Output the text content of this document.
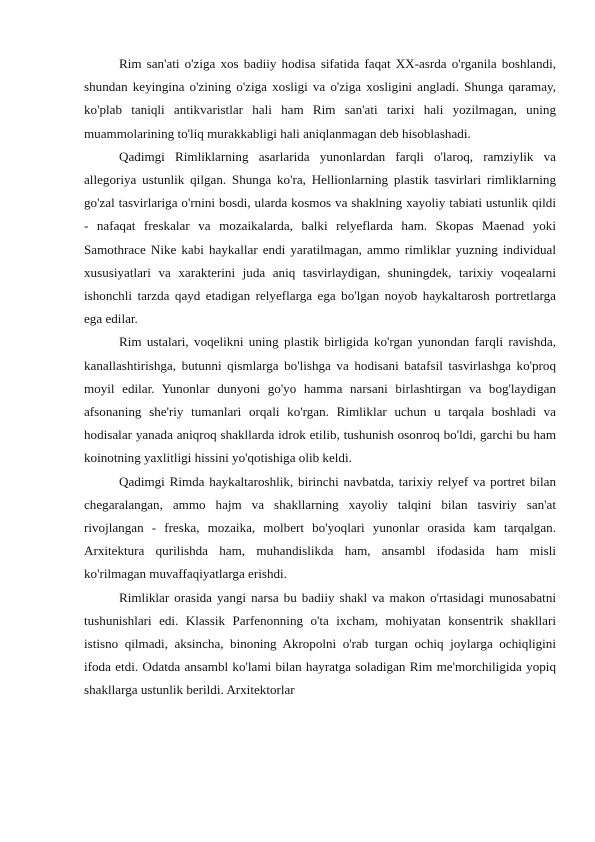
Rim san'ati o'ziga xos badiiy hodisa sifatida faqat XX-asrda o'rganila boshlandi, shundan keyingina o'zining o'ziga xosligi va o'ziga xosligini angladi. Shunga qaramay, ko'plab taniqli antikvaristlar hali ham Rim san'ati tarixi hali yozilmagan, uning muammolarining to'liq murakkabligi hali aniqlanmagan deb hisoblashadi.

Qadimgi Rimliklarning asarlarida yunonlardan farqli o'laroq, ramziylik va allegoriya ustunlik qilgan. Shunga ko'ra, Hellionlarning plastik tasvirlari rimliklarning go'zal tasvirlariga o'rnini bosdi, ularda kosmos va shaklning xayoliy tabiati ustunlik qildi - nafaqat freskalar va mozaikalarda, balki relyeflarda ham. Skopas Maenad yoki Samothrace Nike kabi haykallar endi yaratilmagan, ammo rimliklar yuzning individual xususiyatlari va xarakterini juda aniq tasvirlaydigan, shuningdek, tarixiy voqealarni ishonchli tarzda qayd etadigan relyeflarga ega bo'lgan noyob haykaltarosh portretlarga ega edilar.

Rim ustalari, voqelikni uning plastik birligida ko'rgan yunondan farqli ravishda, kanallashtirishga, butunni qismlarga bo'lishga va hodisani batafsil tasvirlashga ko'proq moyil edilar. Yunonlar dunyoni go'yo hamma narsani birlashtirgan va bog'laydigan afsonaning she'riy tumanlari orqali ko'rgan. Rimliklar uchun u tarqala boshladi va hodisalar yanada aniqroq shakllarda idrok etilib, tushunish osonroq bo'ldi, garchi bu ham koinotning yaxlitligi hissini yo'qotishiga olib keldi.

Qadimgi Rimda haykaltaroshlik, birinchi navbatda, tarixiy relyef va portret bilan chegaralangan, ammo hajm va shakllarning xayoliy talqini bilan tasviriy san'at rivojlangan - freska, mozaika, molbert bo'yoqlari yunonlar orasida kam tarqalgan. Arxitektura qurilishda ham, muhandislikda ham, ansambl ifodasida ham misli ko'rilmagan muvaffaqiyatlarga erishdi.

Rimliklar orasida yangi narsa bu badiiy shakl va makon o'rtasidagi munosabatni tushunishlari edi. Klassik Parfenonning o'ta ixcham, mohiyatan konsentrik shakllari istisno qilmadi, aksincha, binoning Akropolni o'rab turgan ochiq joylarga ochiqligini ifoda etdi. Odatda ansambl ko'lami bilan hayratga soladigan Rim me'morchiligida yopiq shakllarga ustunlik berildi. Arxitektorlar
